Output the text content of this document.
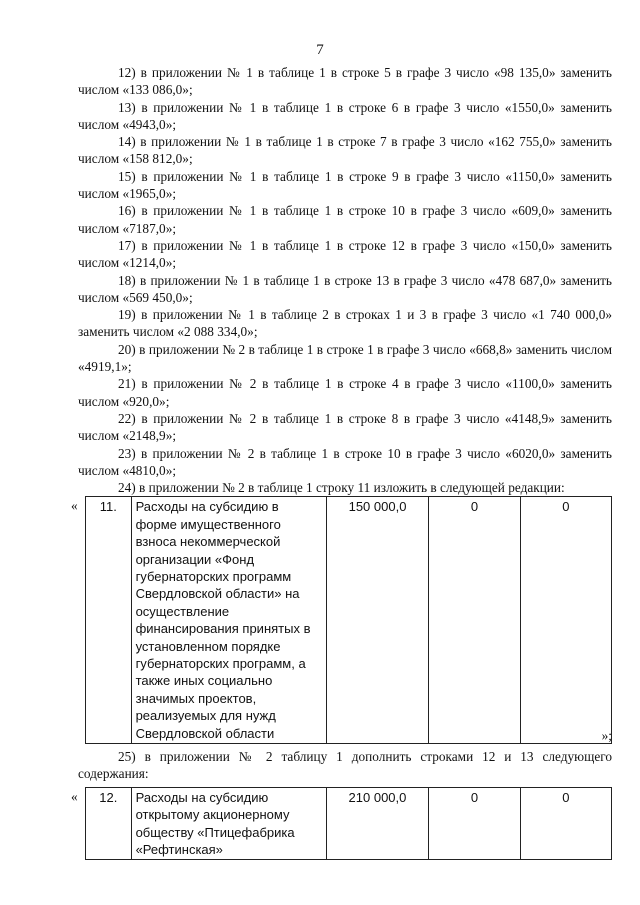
7

12) в приложении № 1 в таблице 1 в строке 5 в графе 3 число «98 135,0» заменить числом «133 086,0»;

13) в приложении № 1 в таблице 1 в строке 6 в графе 3 число «1550,0» заменить числом «4943,0»;

14) в приложении № 1 в таблице 1 в строке 7 в графе 3 число «162 755,0» заменить числом «158 812,0»;

15) в приложении № 1 в таблице 1 в строке 9 в графе 3 число «1150,0» заменить числом «1965,0»;

16) в приложении № 1 в таблице 1 в строке 10 в графе 3 число «609,0» заменить числом «7187,0»;

17) в приложении № 1 в таблице 1 в строке 12 в графе 3 число «150,0» заменить числом «1214,0»;

18) в приложении № 1 в таблице 1 в строке 13 в графе 3 число «478 687,0» заменить числом «569 450,0»;

19) в приложении № 1 в таблице 2 в строках 1 и 3 в графе 3 число «1 740 000,0» заменить числом «2 088 334,0»;

20) в приложении № 2 в таблице 1 в строке 1 в графе 3 число «668,8» заменить числом «4919,1»;

21) в приложении № 2 в таблице 1 в строке 4 в графе 3 число «1100,0» заменить числом «920,0»;

22) в приложении № 2 в таблице 1 в строке 8 в графе 3 число «4148,9» заменить числом «2148,9»;

23) в приложении № 2 в таблице 1 в строке 10 в графе 3 число «6020,0» заменить числом «4810,0»;

24) в приложении № 2 в таблице 1 строку 11 изложить в следующей редакции:

« 11.	Расходы на субсидию в форме имущественного взноса некоммерческой организации «Фонд губернаторских программ Свердловской области» на осуществление финансирования принятых в установленном порядке губернаторских программ, а также иных социально значимых проектов, реализуемых для нужд Свердловской области	150 000,0	0	0
»;

25) в приложении № 2 таблицу 1 дополнить строками 12 и 13 следующего содержания:

« 12.	Расходы на субсидию открытому акционерному обществу «Птицефабрика «Рефтинская»	210 000,0	0	0
